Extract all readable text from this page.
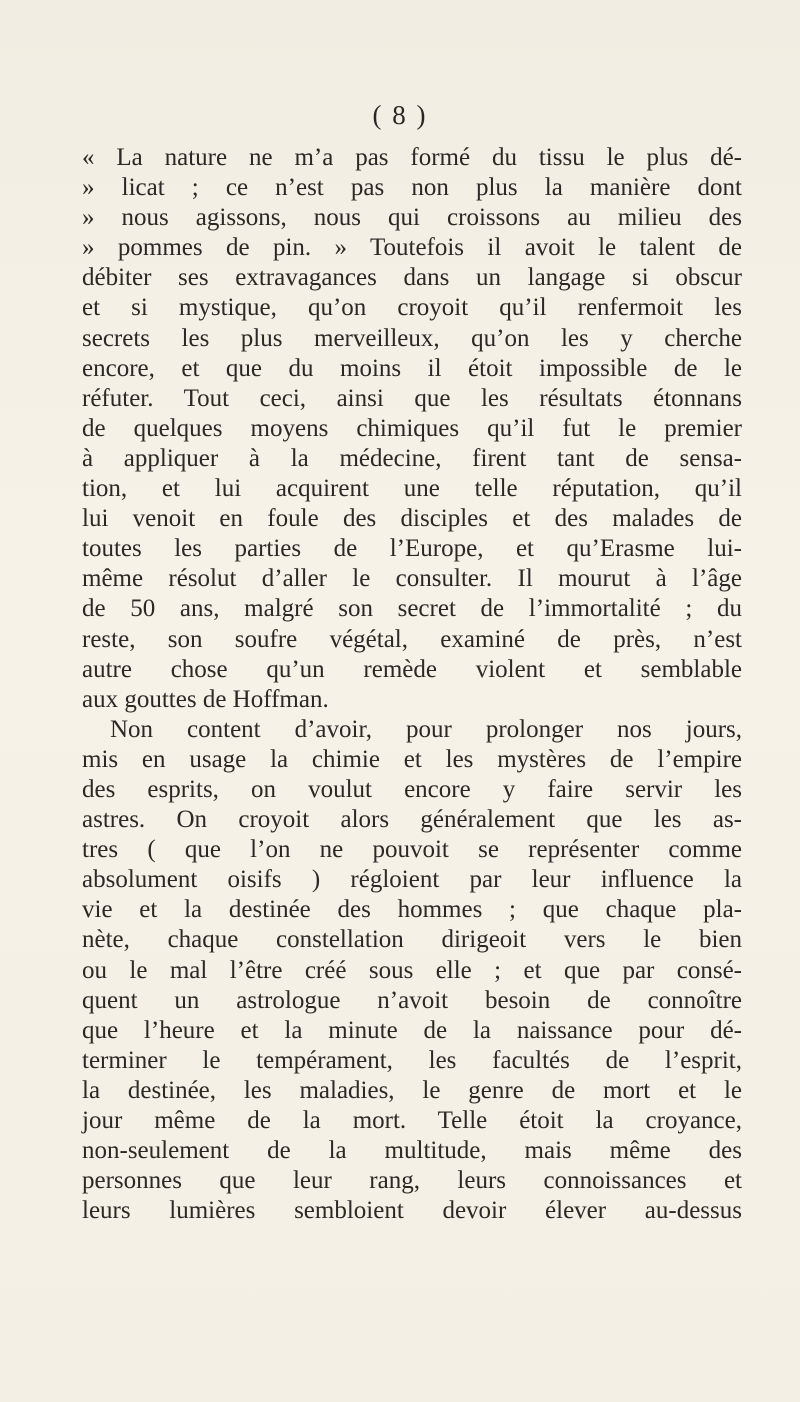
( 8 )
« La nature ne m’a pas formé du tissu le plus dé-
» licat ; ce n’est pas non plus la manière dont
» nous agissons, nous qui croissons au milieu des
» pommes de pin. » Toutefois il avoit le talent de
débiter ses extravagances dans un langage si obscur
et si mystique, qu’on croyoit qu’il renfermoit les
secrets les plus merveilleux, qu’on les y cherche
encore, et que du moins il étoit impossible de le
réfuter. Tout ceci, ainsi que les résultats étonnans
de quelques moyens chimiques qu’il fut le premier
à appliquer à la médecine, firent tant de sensa-
tion, et lui acquirent une telle réputation, qu’il
lui venoit en foule des disciples et des malades de
toutes les parties de l’Europe, et qu’Erasme lui-
même résolut d’aller le consulter. Il mourut à l’âge
de 50 ans, malgré son secret de l’immortalité ; du
reste, son soufre végétal, examiné de près, n’est
autre chose qu’un remède violent et semblable
aux gouttes de Hoffman.
Non content d’avoir, pour prolonger nos jours,
mis en usage la chimie et les mystères de l’empire
des esprits, on voulut encore y faire servir les
astres. On croyoit alors généralement que les as-
tres ( que l’on ne pouvoit se représenter comme
absolument oisifs ) régloient par leur influence la
vie et la destinée des hommes ; que chaque pla-
nète, chaque constellation dirigeoit vers le bien
ou le mal l’être créé sous elle ; et que par consé-
quent un astrologue n’avoit besoin de connoître
que l’heure et la minute de la naissance pour dé-
terminer le tempérament, les facultés de l’esprit,
la destinée, les maladies, le genre de mort et le
jour même de la mort. Telle étoit la croyance,
non-seulement de la multitude, mais même des
personnes que leur rang, leurs connoissances et
leurs lumières sembloient devoir élever au-dessus
